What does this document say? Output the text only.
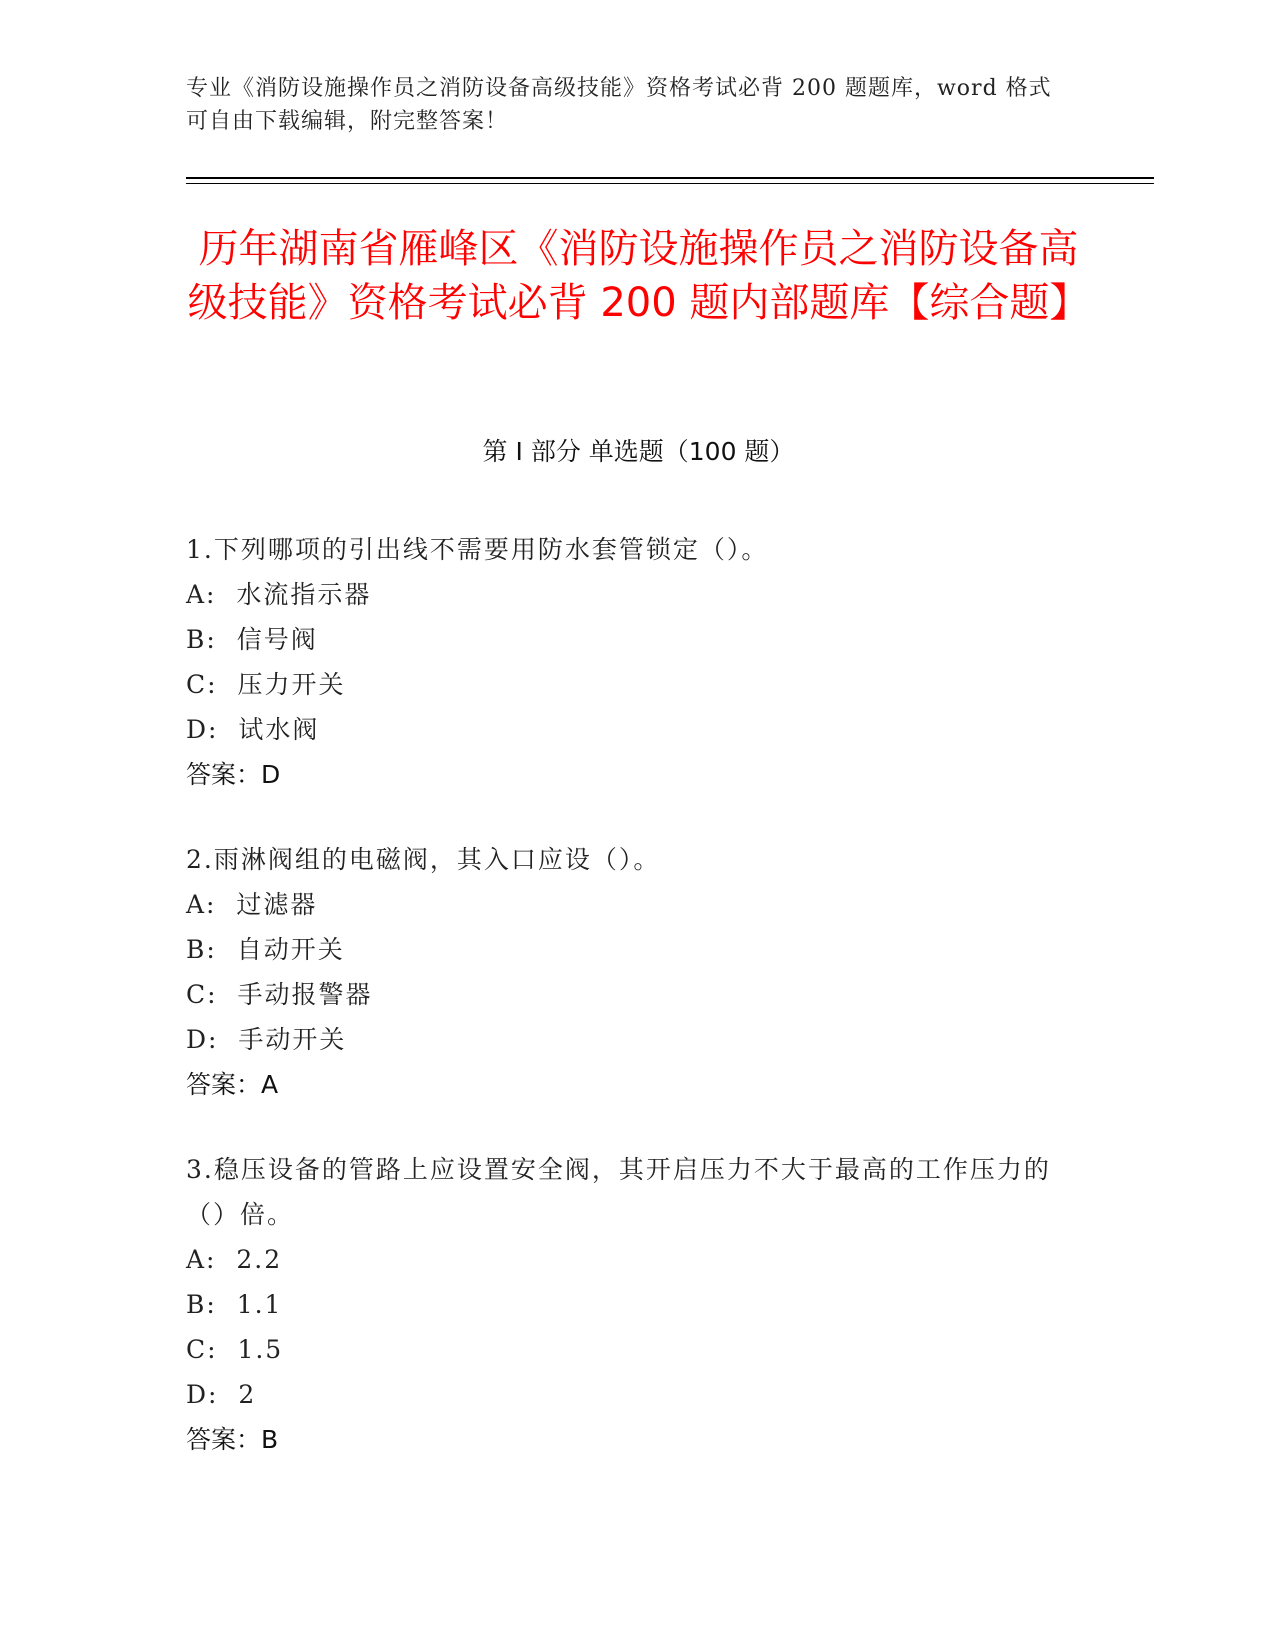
专业《消防设施操作员之消防设备高级技能》资格考试必背 200 题题库，word 格式可自由下载编辑，附完整答案！
历年湖南省雁峰区《消防设施操作员之消防设备高级技能》资格考试必背 200 题内部题库【综合题】
第 I 部分 单选题（100 题）

1.下列哪项的引出线不需要用防水套管锁定（）。

A:  水流指示器

B:  信号阀

C:  压力开关

D:  试水阀

答案：D

2.雨淋阀组的电磁阀，其入口应设（）。

A:  过滤器

B:  自动开关

C:  手动报警器

D:  手动开关

答案：A

3.稳压设备的管路上应设置安全阀，其开启压力不大于最高的工作压力的（）倍。

A:  2.2

B:  1.1

C:  1.5

D:  2

答案：B
